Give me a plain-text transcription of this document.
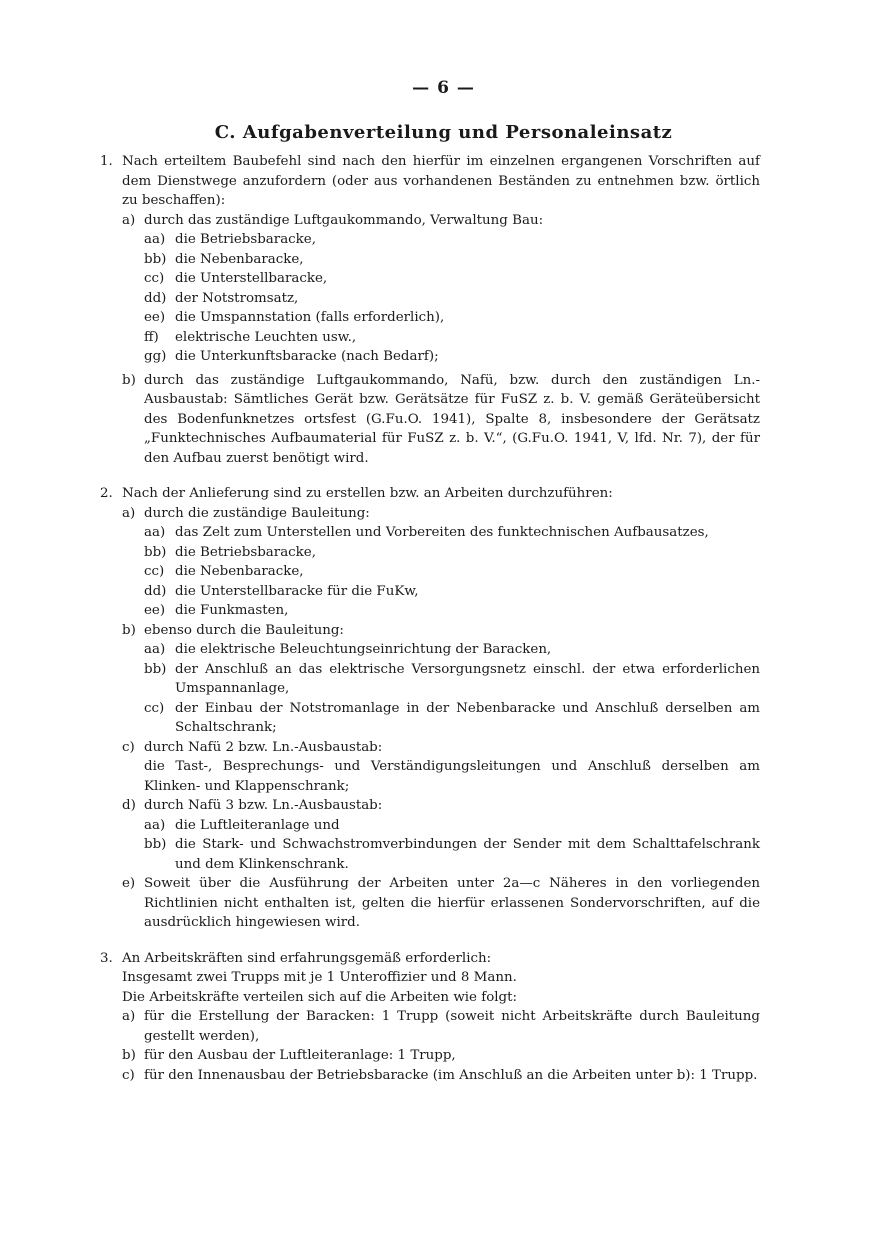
— 6 —
C. Aufgabenverteilung und Personaleinsatz
1. Nach erteiltem Baubefehl sind nach den hierfür im einzelnen ergangenen Vorschriften auf dem Dienstwege anzufordern (oder aus vorhandenen Beständen zu entnehmen bzw. örtlich zu beschaffen):
a) durch das zuständige Luftgaukommando, Verwaltung Bau:
aa) die Betriebsbaracke,
bb) die Nebenbaracke,
cc) die Unterstellbaracke,
dd) der Notstromsatz,
ee) die Umspannstation (falls erforderlich),
ff) elektrische Leuchten usw.,
gg) die Unterkunftsbaracke (nach Bedarf);
b) durch das zuständige Luftgaukommando, Nafü, bzw. durch den zuständigen Ln.-Ausbaustab: Sämtliches Gerät bzw. Gerätsätze für FuSZ z. b. V. gemäß Geräteübersicht des Bodenfunknetzes ortsfest (G.Fu.O. 1941), Spalte 8, insbesondere der Gerätsatz „Funktechnisches Aufbaumaterial für FuSZ z. b. V.“, (G.Fu.O. 1941, V, lfd. Nr. 7), der für den Aufbau zuerst benötigt wird.
2. Nach der Anlieferung sind zu erstellen bzw. an Arbeiten durchzuführen:
a) durch die zuständige Bauleitung:
aa) das Zelt zum Unterstellen und Vorbereiten des funktechnischen Aufbausatzes,
bb) die Betriebsbaracke,
cc) die Nebenbaracke,
dd) die Unterstellbaracke für die FuKw,
ee) die Funkmasten,
b) ebenso durch die Bauleitung:
aa) die elektrische Beleuchtungseinrichtung der Baracken,
bb) der Anschluß an das elektrische Versorgungsnetz einschl. der etwa erforderlichen Umspannanlage,
cc) der Einbau der Notstromanlage in der Nebenbaracke und Anschluß derselben am Schaltschrank;
c) durch Nafü 2 bzw. Ln.-Ausbaustab:
die Tast-, Besprechungs- und Verständigungsleitungen und Anschluß derselben am Klinken- und Klappenschrank;
d) durch Nafü 3 bzw. Ln.-Ausbaustab:
aa) die Luftleiteranlage und
bb) die Stark- und Schwachstromverbindungen der Sender mit dem Schalttafelschrank und dem Klinkenschrank.
e) Soweit über die Ausführung der Arbeiten unter 2a—c Näheres in den vorliegenden Richtlinien nicht enthalten ist, gelten die hierfür erlassenen Sondervorschriften, auf die ausdrücklich hingewiesen wird.
3. An Arbeitskräften sind erfahrungsgemäß erforderlich:
Insgesamt zwei Trupps mit je 1 Unteroffizier und 8 Mann.
Die Arbeitskräfte verteilen sich auf die Arbeiten wie folgt:
a) für die Erstellung der Baracken: 1 Trupp (soweit nicht Arbeitskräfte durch Bauleitung gestellt werden),
b) für den Ausbau der Luftleiteranlage: 1 Trupp,
c) für den Innenausbau der Betriebsbaracke (im Anschluß an die Arbeiten unter b): 1 Trupp.
